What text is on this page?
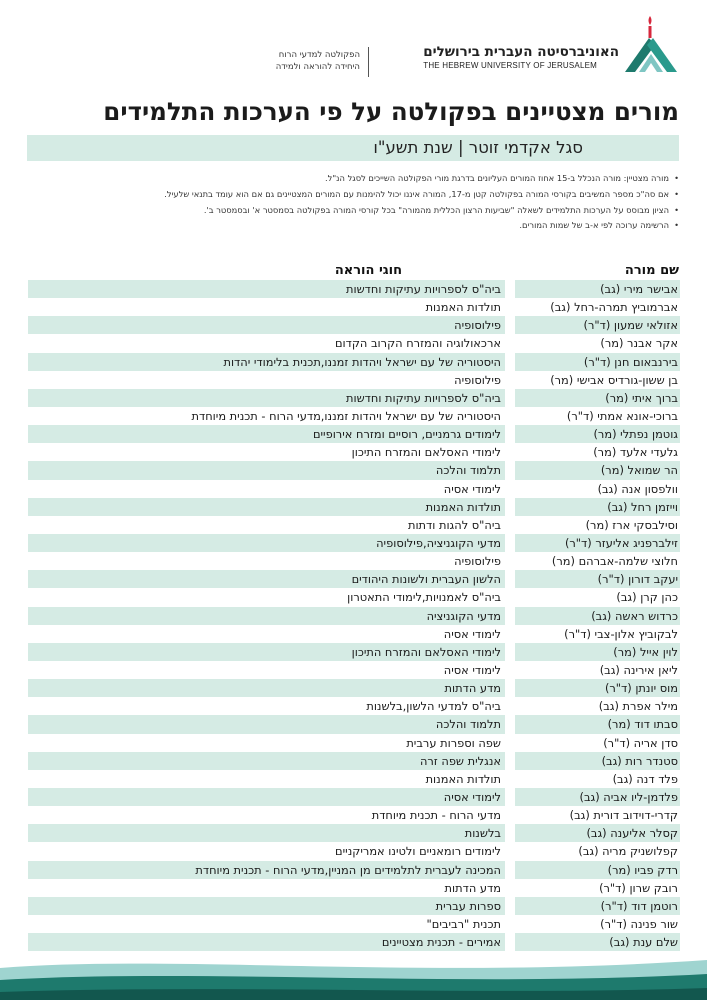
האוניברסיטה העברית בירושלים
THE HEBREW UNIVERSITY OF JERUSALEM
הפקולטה למדעי הרוח
היחידה להוראה ולמידה
מורים מצטיינים בפקולטה על פי הערכות התלמידים
סגל אקדמי זוטר | שנת תשע"ו
• מורה מצטיין: מורה הנכלל ב-15 אחוז המורים העליונים בדרגת מורי הפקולטה השייכים לסגל הנ"ל.
• אם סה"כ מספר המשיבים בקורסי המורה בפקולטה קטן מ-17, המורה איננו יכול להימנות עם המורים המצטיינים גם אם הוא עומד בתנאי שלעיל.
• הציון מבוסס על הערכות התלמידים לשאלה "שביעות הרצון הכללית מהמורה" בכל קורסי המורה בפקולטה בסמסטר א' ובסמסטר ב'.
• הרשימה ערוכה לפי א-ב של שמות המורים.
שם מורה
חוגי הוראה
אבישר מירי (גב)
ביה"ס לספרויות עתיקות וחדשות
אברמוביץ תמרה-רחל (גב)
תולדות האמנות
אזולאי שמעון (ד"ר)
פילוסופיה
אקר אבנר (מר)
ארכאולוגיה והמזרח הקרוב הקדום
בירנבאום חנן (ד"ר)
היסטוריה של עם ישראל ויהדות זמננו,תכנית בלימודי יהדות
בן ששון-גורדיס אבישי (מר)
פילוסופיה
ברוך איתי (מר)
ביה"ס לספרויות עתיקות וחדשות
ברוכי-אונא אמתי (ד"ר)
היסטוריה של עם ישראל ויהדות זמננו,מדעי הרוח - תכנית מיוחדת
גוטמן נפתלי (מר)
לימודים גרמניים, רוסיים ומזרח אירופיים
גלעדי אלעד (מר)
לימודי האסלאם והמזרח התיכון
הר שמואל (מר)
תלמוד והלכה
וולפסון אנה (גב)
לימודי אסיה
וייזמן רחל (גב)
תולדות האמנות
וסילבסקי ארז (מר)
ביה"ס להגות ודתות
זילברפניג אליעזר (ד"ר)
מדעי הקוגניציה,פילוסופיה
חלוצי שלמה-אברהם (מר)
פילוסופיה
יעקב דורון (ד"ר)
הלשון העברית ולשונות היהודים
כהן קרן (גב)
ביה"ס לאמנויות,לימודי התאטרון
כרדוש ראשה (גב)
מדעי הקוגניציה
לבקוביץ אלון-צבי (ד"ר)
לימודי אסיה
לוין אייל (מר)
לימודי האסלאם והמזרח התיכון
ליאן אירינה (גב)
לימודי אסיה
מוס יונתן (ד"ר)
מדע הדתות
מילר אפרת (גב)
ביה"ס למדעי הלשון,בלשנות
סבתו דוד (מר)
תלמוד והלכה
סדן אריה (ד"ר)
שפה וספרות ערבית
סטנדר רות (גב)
אנגלית שפה זרה
פלד דנה (גב)
תולדות האמנות
פלדמן-ליו אביה (גב)
לימודי אסיה
קדרי-דוידוב דורית (גב)
מדעי הרוח - תכנית מיוחדת
קסלר אליענה (גב)
בלשנות
קפלושניק מריה (גב)
לימודים רומאניים ולטינו אמריקניים
רדק פביו (מר)
המכינה לעברית לתלמידים מן המניין,מדעי הרוח - תכנית מיוחדת
רובק שרון (ד"ר)
מדע הדתות
רוטמן דוד (ד"ר)
ספרות עברית
שור פנינה (ד"ר)
תכנית "רביבים"
שלם ענת (גב)
אמירים - תכנית מצטיינים
